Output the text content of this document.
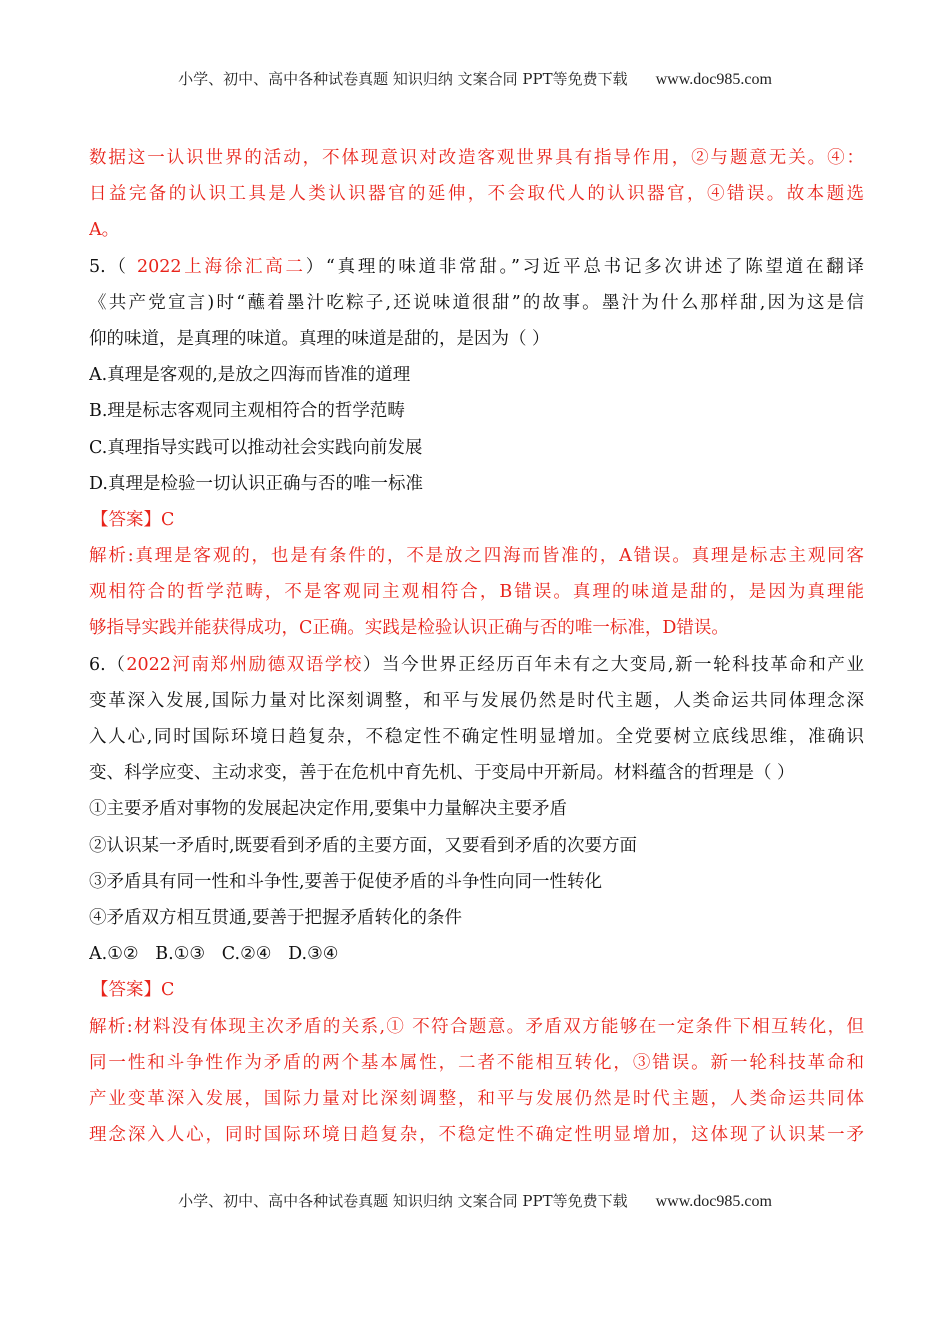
小学、初中、高中各种试卷真题 知识归纳 文案合同 PPT等免费下载 www.doc985.com
数据这一认识世界的活动，不体现意识对改造客观世界具有指导作用，②与题意无关。④：
日益完备的认识工具是人类认识器官的延伸，不会取代人的认识器官，④错误。故本题选
A。
5.（ 2022上海徐汇高二）“真理的味道非常甜。”习近平总书记多次讲述了陈望道在翻译
《共产党宣言)时“蘸着墨汁吃粽子,还说味道很甜”的故事。墨汁为什么那样甜,因为这是信
仰的味道，是真理的味道。真理的味道是甜的，是因为（ ）
A.真理是客观的,是放之四海而皆准的道理
B.理是标志客观同主观相符合的哲学范畴
C.真理指导实践可以推动社会实践向前发展
D.真理是检验一切认识正确与否的唯一标准
【答案】C
解析:真理是客观的，也是有条件的，不是放之四海而皆准的，A错误。真理是标志主观同客
观相符合的哲学范畴，不是客观同主观相符合，B错误。真理的味道是甜的，是因为真理能
够指导实践并能获得成功，C正确。实践是检验认识正确与否的唯一标准，D错误。
6.（2022河南郑州励德双语学校）当今世界正经历百年未有之大变局,新一轮科技革命和产业
变革深入发展,国际力量对比深刻调整，和平与发展仍然是时代主题，人类命运共同体理念深
入人心,同时国际环境日趋复杂，不稳定性不确定性明显增加。全党要树立底线思维，准确识
变、科学应变、主动求变，善于在危机中育先机、于变局中开新局。材料蕴含的哲理是（ ）
①主要矛盾对事物的发展起决定作用,要集中力量解决主要矛盾
②认识某一矛盾时,既要看到矛盾的主要方面，又要看到矛盾的次要方面
③矛盾具有同一性和斗争性,要善于促使矛盾的斗争性向同一性转化
④矛盾双方相互贯通,要善于把握矛盾转化的条件
A.①②   B.①③   C.②④   D.③④
【答案】C
解析:材料没有体现主次矛盾的关系,① 不符合题意。矛盾双方能够在一定条件下相互转化，但
同一性和斗争性作为矛盾的两个基本属性，二者不能相互转化，③错误。新一轮科技革命和
产业变革深入发展，国际力量对比深刻调整，和平与发展仍然是时代主题，人类命运共同体
理念深入人心，同时国际环境日趋复杂，不稳定性不确定性明显增加，这体现了认识某一矛
小学、初中、高中各种试卷真题 知识归纳 文案合同 PPT等免费下载 www.doc985.com
